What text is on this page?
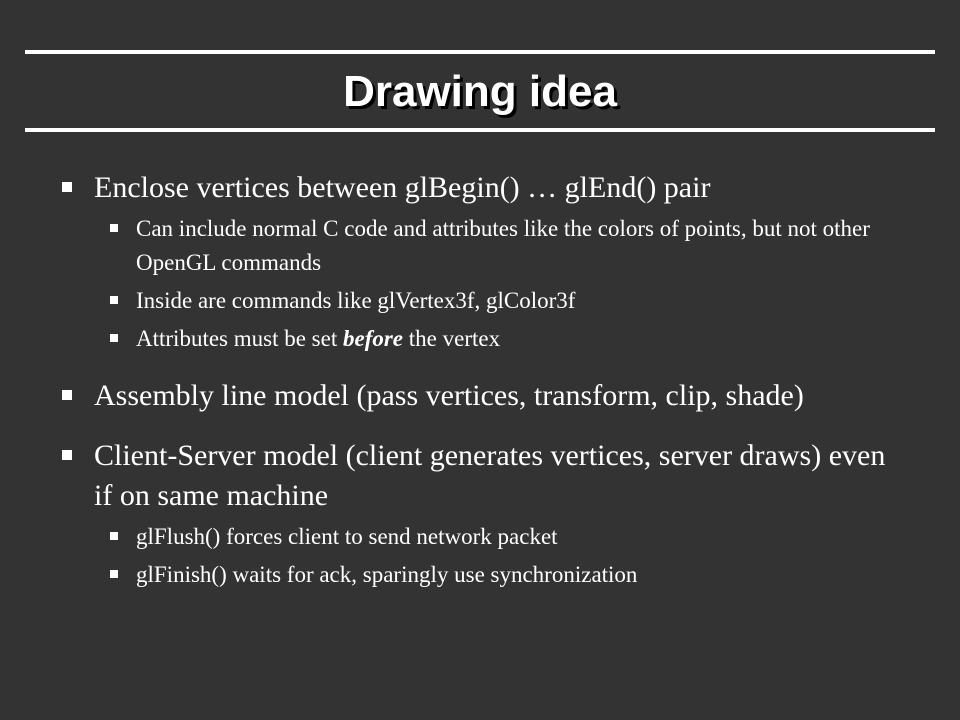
Drawing idea
Enclose vertices between glBegin() … glEnd() pair
Can include normal C code and attributes like the colors of points, but not other OpenGL commands
Inside are commands like glVertex3f, glColor3f
Attributes must be set before the vertex
Assembly line model (pass vertices, transform, clip, shade)
Client-Server model (client generates vertices, server draws) even if on same machine
glFlush() forces client to send network packet
glFinish() waits for ack, sparingly use synchronization
